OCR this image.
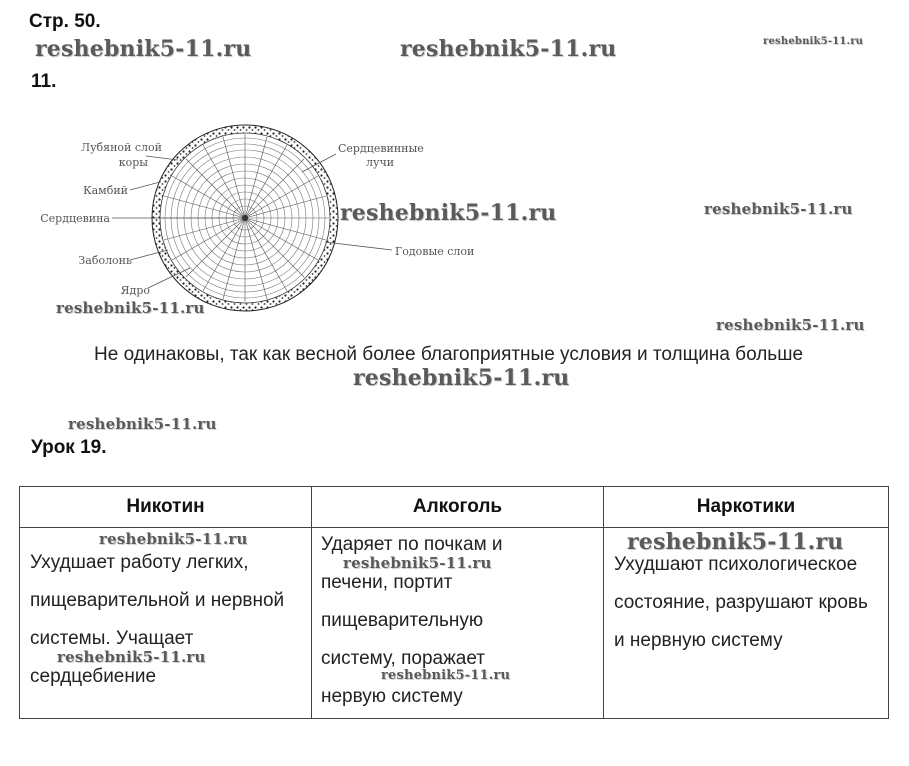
Стр. 50.
11.
Лубяной слой коры
Камбий
Сердцевина
Заболонь
Ядро
Сердцевинные лучи
Годовые слои
Не одинаковы, так как весной более благоприятные условия и толщина больше
Урок 19.
Никотин	Алкоголь	Наркотики

Ухудшает работу легких, пищеварительной и нервной системы. Учащает сердцебиение	Ударяет по почкам и печени, портит пищеварительную систему, поражает нервую систему	Ухудшают психологическое состояние, разрушают кровь и нервную систему
reshebnik5-11.ru	reshebnik5-11.ru	reshebnik5-11.ru
reshebnik5-11.ru	reshebnik5-11.ru
reshebnik5-11.ru
reshebnik5-11.ru
reshebnik5-11.ru
reshebnik5-11.ru
reshebnik5-11.ru
reshebnik5-11.ru
reshebnik5-11.ru
reshebnik5-11.ru
reshebnik5-11.ru
